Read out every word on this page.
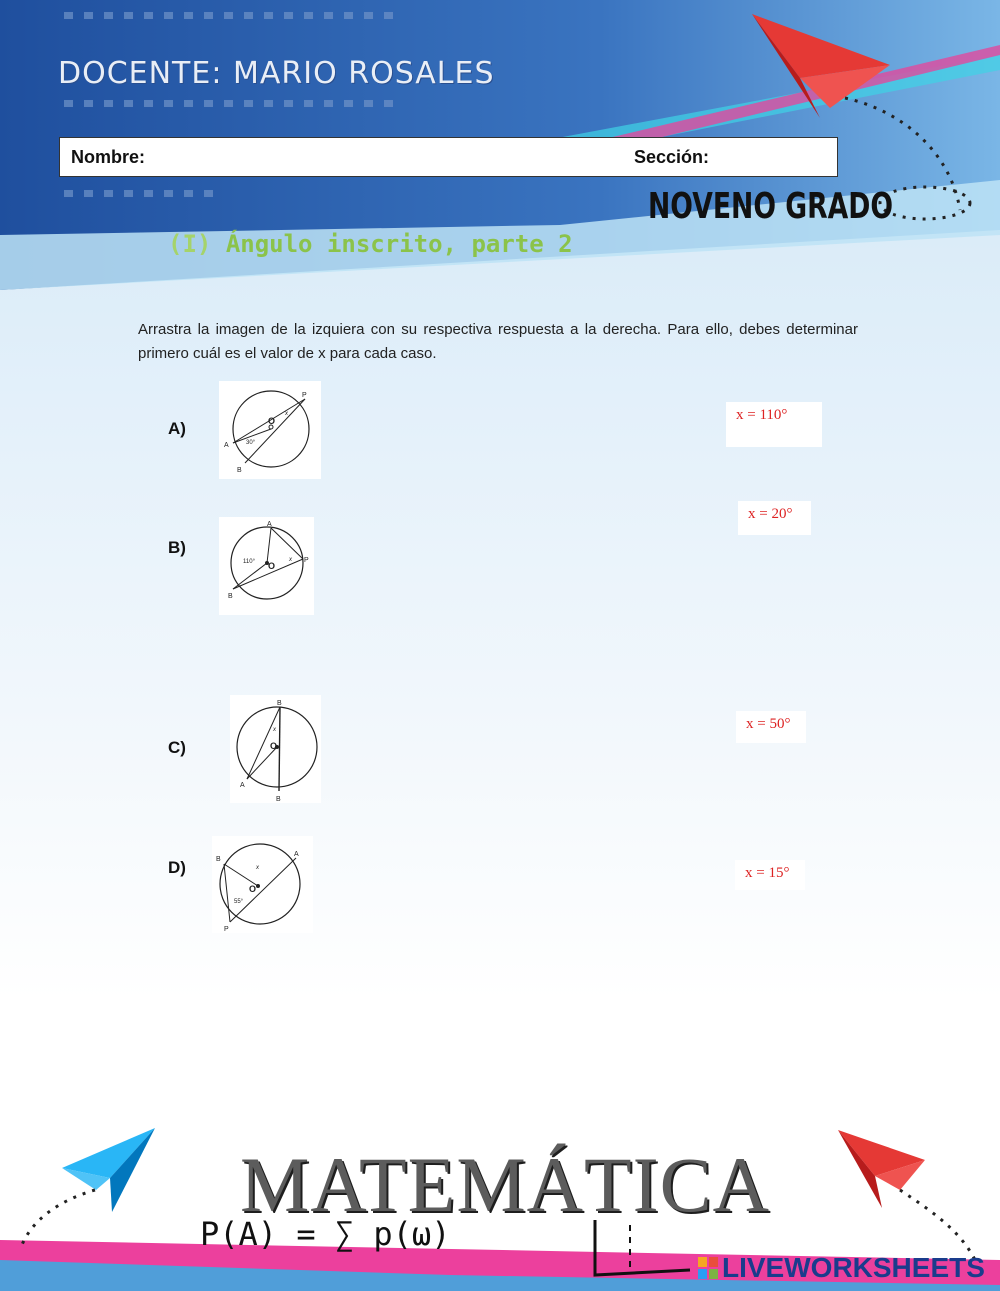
DOCENTE: MARIO ROSALES
Nombre:	Sección:
NOVENO GRADO
(I) Ángulo inscrito, parte 2
Arrastra la imagen de la izquiera con su respectiva respuesta a la derecha. Para ello, debes determinar primero cuál es el valor de x para cada caso.
A)
B)
C)
D)
P
A
B
O
30°
x
A
B
P
O
110°	x
B
A
B
O
x
B
A
P
O
55°
x
x = 110°
x = 20°
x = 50°
x = 15°
P(A) = ∑ p(ω)
MATEMÁTICA
LIVEWORKSHEETS
